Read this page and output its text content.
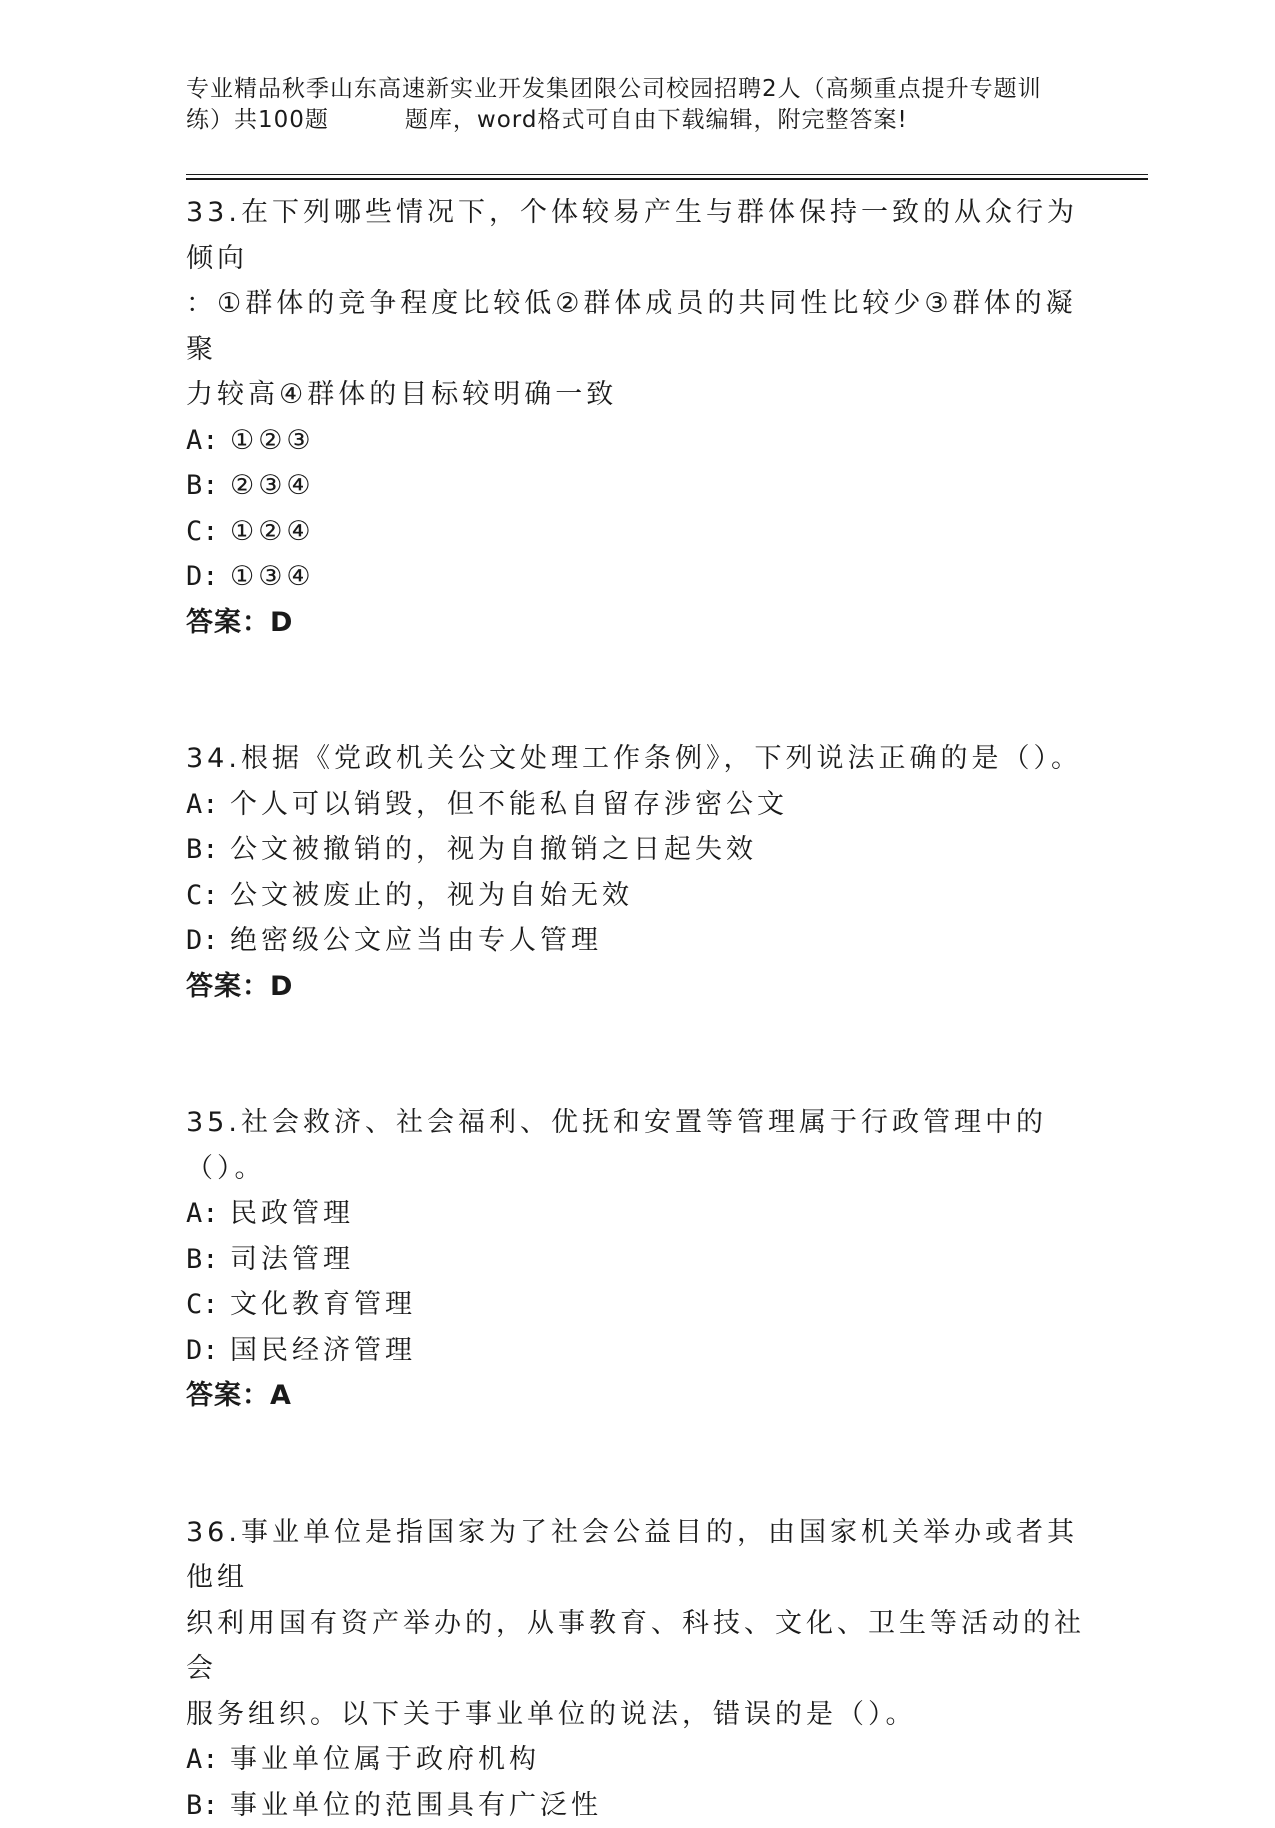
专业精品秋季山东高速新实业开发集团限公司校园招聘2人（高频重点提升专题训
练）共100题	题库，word格式可自由下载编辑，附完整答案!

33.在下列哪些情况下，个体较易产生与群体保持一致的从众行为倾向

：①群体的竞争程度比较低②群体成员的共同性比较少③群体的凝聚

力较高④群体的目标较明确一致

A: ①②③

B: ②③④

C: ①②④

D: ①③④

答案：D

34.根据《党政机关公文处理工作条例》，下列说法正确的是（）。

A: 个人可以销毁，但不能私自留存涉密公文

B: 公文被撤销的，视为自撤销之日起失效

C: 公文被废止的，视为自始无效

D: 绝密级公文应当由专人管理

答案：D

35.社会救济、社会福利、优抚和安置等管理属于行政管理中的（）。

A: 民政管理

B: 司法管理

C: 文化教育管理

D: 国民经济管理

答案：A

36.事业单位是指国家为了社会公益目的，由国家机关举办或者其他组

织利用国有资产举办的，从事教育、科技、文化、卫生等活动的社会

服务组织。以下关于事业单位的说法，错误的是（）。

A: 事业单位属于政府机构

B: 事业单位的范围具有广泛性
